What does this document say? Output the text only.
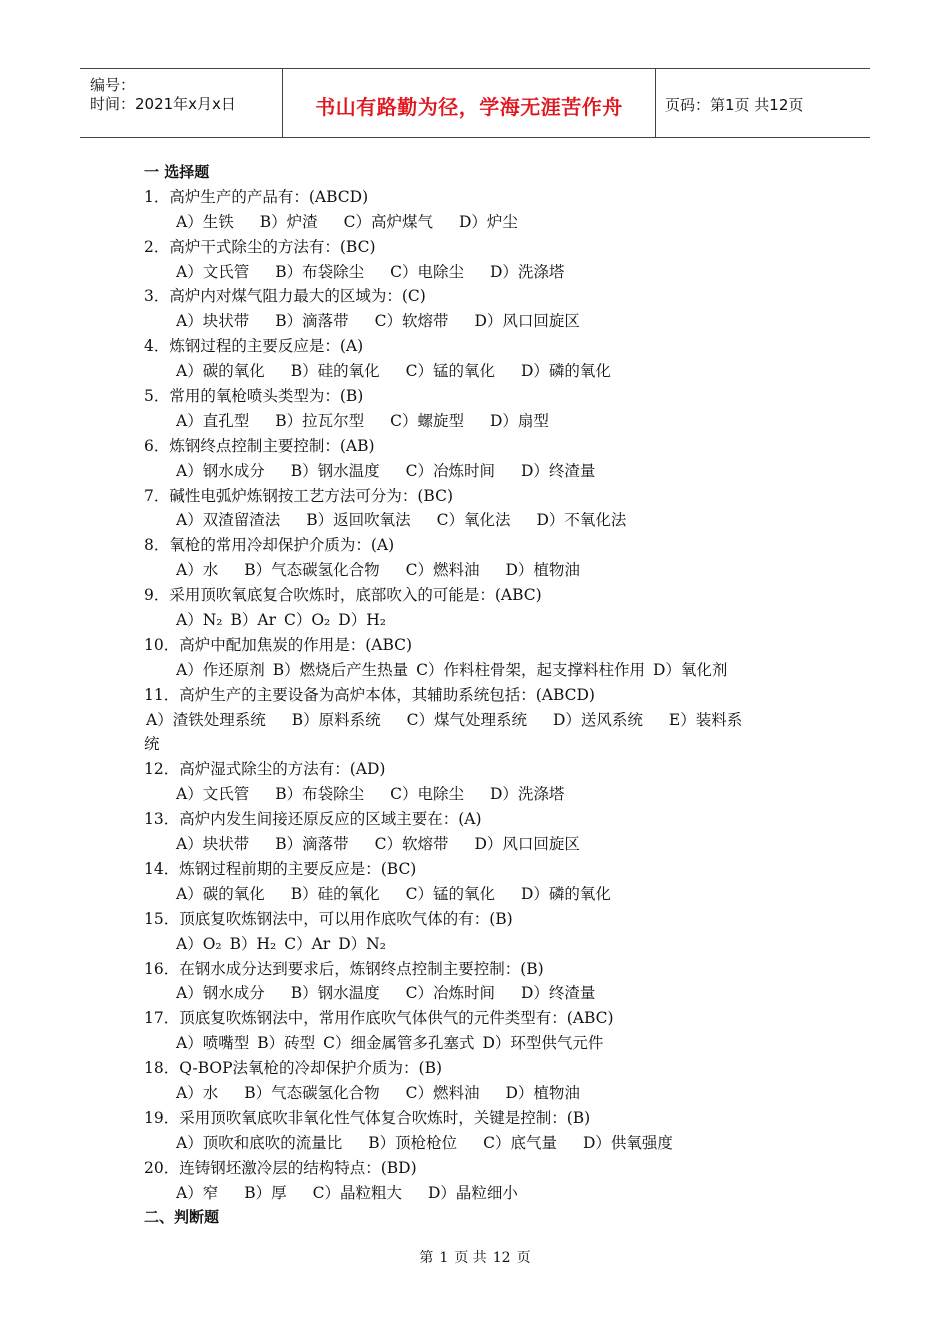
编号：
时间：2021年x月x日	书山有路勤为径，学海无涯苦作舟	页码：第1页 共12页
一 选择题
1．高炉生产的产品有：(ABCD)
A）生铁 B）炉渣 C）高炉煤气 D）炉尘
2．高炉干式除尘的方法有：(BC)
A）文氏管 B）布袋除尘 C）电除尘 D）洗涤塔
3．高炉内对煤气阻力最大的区域为：(C)
A）块状带 B）滴落带 C）软熔带 D）风口回旋区
4．炼钢过程的主要反应是：(A)
A）碳的氧化 B）硅的氧化 C）锰的氧化 D）磷的氧化
5．常用的氧枪喷头类型为：(B)
A）直孔型 B）拉瓦尔型 C）螺旋型 D）扇型
6．炼钢终点控制主要控制：(AB)
A）钢水成分 B）钢水温度 C）冶炼时间 D）终渣量
7．碱性电弧炉炼钢按工艺方法可分为：(BC)
A）双渣留渣法 B）返回吹氧法 C）氧化法 D）不氧化法
8．氧枪的常用冷却保护介质为：(A)
A）水 B）气态碳氢化合物 C）燃料油 D）植物油
9．采用顶吹氧底复合吹炼时，底部吹入的可能是：(ABC)
A）N₂ B）Ar C）O₂ D）H₂
10．高炉中配加焦炭的作用是：(ABC)
A）作还原剂 B）燃烧后产生热量 C）作料柱骨架，起支撑料柱作用 D）氧化剂
11．高炉生产的主要设备为高炉本体，其辅助系统包括：(ABCD)
A）渣铁处理系统 B）原料系统 C）煤气处理系统 D）送风系统 E）装料系
统
12．高炉湿式除尘的方法有：(AD)
A）文氏管 B）布袋除尘 C）电除尘 D）洗涤塔
13．高炉内发生间接还原反应的区域主要在：(A)
A）块状带 B）滴落带 C）软熔带 D）风口回旋区
14．炼钢过程前期的主要反应是：(BC)
A）碳的氧化 B）硅的氧化 C）锰的氧化 D）磷的氧化
15．顶底复吹炼钢法中，可以用作底吹气体的有：(B)
A）O₂ B）H₂ C）Ar D）N₂
16．在钢水成分达到要求后，炼钢终点控制主要控制：(B)
A）钢水成分 B）钢水温度 C）冶炼时间 D）终渣量
17．顶底复吹炼钢法中，常用作底吹气体供气的元件类型有：(ABC)
A）喷嘴型 B）砖型 C）细金属管多孔塞式 D）环型供气元件
18．Q-BOP法氧枪的冷却保护介质为：(B)
A）水 B）气态碳氢化合物 C）燃料油 D）植物油
19．采用顶吹氧底吹非氧化性气体复合吹炼时，关键是控制：(B)
A）顶吹和底吹的流量比 B）顶枪枪位 C）底气量 D）供氧强度
20．连铸钢坯激冷层的结构特点：(BD)
A）窄 B）厚 C）晶粒粗大 D）晶粒细小
二、判断题
第 1 页 共 12 页
